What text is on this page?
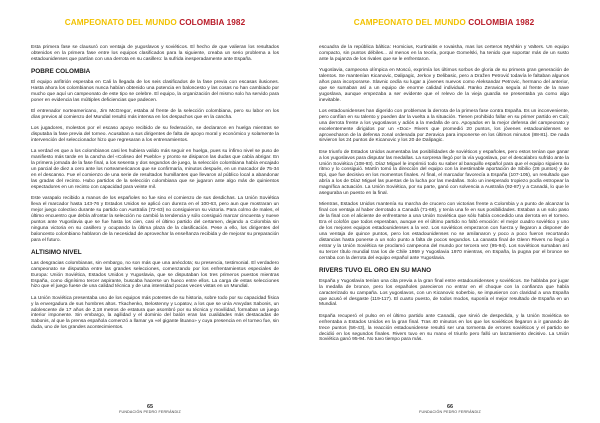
CAMPEONATO DEL MUNDO COLOMBIA 1982

Esta primera fase se clausuró con ventaja de yugoslavos y soviéticos. El hecho de que valieran los resultados obtenidos en la primera fase entre los equipos clasificados para la siguiente, creaba un serio problema a los estadounidenses que partían con una derrota en su casillero: la sufrida inesperadamente ante España.

POBRE COLOMBIA

El equipo anfitrión esperaba en Cali la llegada de los seis clasificados de la fase previa con escasas ilusiones. Hasta ahora los colombianos nunca habían obtenido una potencia en baloncesto y las cosas no han cambiado por mucho que aquí un campeonato de este tipo se celebre. El equipo, la organización del mismo solo ha servido para poner en evidencia las múltiples deficiencias que padecen.

El entrenador norteamericano, Jim McGregor, estaba al frente de la selección colombiana, pero su labor en los días previos al comienzo del Mundial resultó más intensa en los despachos que en la cancha.

Los jugadores, molestos por el escaso apoyo recibido de su federación, se declararon en huelga mientras se disputaba la fase previa del torneo. Acusaban a sus dirigentes de falta de apoyo moral y económico y solamente la intervención del seleccionador hizo que regresaran a los entrenamientos.

La verdad es que a los colombianos casi les hubiera valido más seguir en huelga, pues su ínfimo nivel se puso de manifiesto más tarde en la cancha del «Coliseo del Pueblo» y pronto se disiparon las dudas que cabía abrigar. En la primera jornada de la fase final, a los sesenta y dos segundos de juego, la selección colombiana había encajado un parcial de diez a cero ante los norteamericanos que se confirmaría, minutos después, en un marcador de 75-34 en el descanso. Fue el comienzo de una serie de resultados humillantes que llevaron al público local a abandonar las gradas del recinto. Hubo partidos de la selección colombiana que se jugaron ante algo más de quinientos espectadores en un recinto con capacidad para veinte mil.

Este varapalo recibido a manos de los españoles no fue sino el comienzo de sus desdichas. La Unión Soviética lleva el marcador hasta 143-76 y Estados Unidos se aplicó con dureza en el 100-63, pero aun que mostraran un mejor juego colectivo durante su partido con Australia (72-63) no consiguieron su victoria. Para colmo de males, el último encuentro que debía afrontar la selección no cambió la tendencia y sólo consiguió marcar cincuenta y nueve puntos ante Yugoslavia que se fue hasta los cien, casi el último partido del certamen, dejando a Colombia sin ninguna victoria en su casillero y ocupando la última plaza de la clasificación. Pese a ello, los dirigentes del baloncesto colombiano hablaron de la necesidad de aprovechar la enseñanza recibida y de mejorar su preparación para el futuro.

ALTISIMO NIVEL

Las desgracias colombianas, sin embargo, no son más que una anécdota; su presencia, testimonial. El verdadero campeonato se disputaba entre las grandes selecciones, comenzando por los enfrentamientos especiales de Europa: Unión Soviética, Estados Unidos y Yugoslavia, que se disputaban los tres primeros puestos mientras España, como dignísimo tercer aspirante, buscaba hacerse un hueco entre ellos. La carga de estas selecciones hizo que el juego fuese de una calidad técnica y de una intensidad pocas veces vistas en un Mundial.

La Unión Soviética presentaba uno de los equipos más potentes de su historia, sobre todo por su capacidad física y la envergadura de sus hombres altos. Tkachenko, Belostenny y Lopatov, a los que se unía Anvydas Sabonis, un adolescente de 17 años de 2,18 metros de estatura que asombró por su técnica y movilidad, formaban un juego interior imponente. Sin embargo, la agilidad y el dominio del balón eran las cualidades más destacadas de Sabonis, al que la prensa española comenzó a llamar ya «el gigante lituano» y cuya presencia en el torneo fue, sin duda, uno de los grandes acontecimientos.

65
FUNDACIÓN PEDRO FERRÁNDIZ
CAMPEONATO DEL MUNDO COLOMBIA 1982

escuadra de la república báltica: Homicius, Kurtinaitis e Iovaisha, mas los certeros Myshkin y Valters. Un equipo compacto, sin puntos débiles... al menos en la teoría, porque Gomelski, ha tenido que soportar más de un susto ante la pujanza de los rivales que se le enfrentaron.

Yugoslavia, campeona olímpica en Moscú, exprimía los últimos sorbos de gloria de su primera gran generación de talentos. Se mantenían Kicanovic, Dalipagic, Jerkov y Delibasic, pero a Dražen Petrović todavía le faltaban algunos años para incorporarse. Slavnic cedía su lugar a jóvenes nuevos como Aleksandar Petrovic, hermano del anterior, que se sumaban así a un equipo de enorme calidad individual. Ranko Zeravica seguía al frente de la nave yugoslava, aunque empezaba a ser evidente que el relevo de la vieja guardia se presentaba ya como algo inevitable.

Los estadounidenses han digerido con problemas la derrota de la primera fase contra España. Es un inconveniente, pero confían en su talento y pueden dar la vuelta a la situación. Tienen prohibido fallar en su primer partido en Cali; una derrota frente a los yugoslavos y adiós a la medalla de oro. Apoyados en la mejor defensa del campeonato y excelentemente dirigidos por un «Doc» Rivers que promedió 20 puntos, los jóvenes estadounidenses se aprovecharon de la defensa zonal ordenada por Zeravica para imponerse en los últimos minutos (88-81). De nada sirvieron los 24 puntos de Kicanovic y los 20 de Dalipagic.

Ese triunfo de Estados Unidos aumentaba las posibilidades de soviéticos y españoles, pero estos tenían que ganar a los yugoslavos para disputar las medallas. La sorpresa llegó por la vía yugoslava, por el descalabro sufrido ante la Unión Soviética (108-93). Díaz Miguel le imprimió todo su saber al banquillo español para que el equipo siguiera su ritmo y lo consiguió. Martín tomó la dirección del equipo con la inestimable aportación de Sibilio (26 puntos) y de Epi, que fue decisivo en los momentos finales. Al final, el marcador favorecía a España (107-105), un resultado que abría a los de Díaz Miguel las puertas de la lucha por las medallas. Solo un inesperado tropiezo podía estropear la magnífica actuación. La Unión Soviética, por su parte, ganó con solvencia a Australia (92-87) y a Canadá, lo que le aseguraba un puesto en la final.

Mientras, Estados Unidos mantenía su marcha de crucero con victorias frente a Colombia y a punto de alcanzar la final con ventaja al haber derrotado a Canadá (71-69), y tenía una fe en sus posibilidades. Estaban a un solo paso de la final con el aliciente de enfrentarse a una Unión Soviética que sólo había concedido una derrota en el torneo. Era el colofón que todos esperaban, aunque en el último partido no faltó emoción: el mejor cuadro soviético y uno de los mejores equipos estadounidenses a la vez. Los soviéticos empezaron con fuerza y llegaron a disponer de una ventaja de quince puntos, pero los estadounidenses no se amilanaron y poco a poco fueron recortando distancias hasta ponerse a un solo punto a falta de pocos segundos. La canasta final de Glenn Rivers no llegó a entrar y la Unión Soviética se proclamó campeona del mundo por tercera vez (95-94). Los soviéticos sumaban así su tercer título mundial tras los de Chile 1959 y Yugoslavia 1970 mientras, en España, la pugna por el bronce se cerraba con la derrota del equipo español ante Yugoslavia.

RIVERS TUVO EL ORO EN SU MANO

España y Yugoslavia tenían una cita previa a la gran final entre estadounidenses y soviéticos. Se hablaba por jugar la medalla de bronce, pero los españoles parecieron no entrar en el choque con la confianza que había caracterizado su campaña. Los yugoslavos, con un Kicanovic soberbio, se impusieron con claridad a una España que acusó el desgaste (119-117). El cuarto puesto, de todos modos, suponía el mejor resultado de España en un Mundial.

España recuperó el pulso en el último partido ante Canadá, que sirvió de despedida, y la Unión Soviética se enfrentaba a Estados Unidos en la gran final. Tras 40 minutos en los que los soviéticos llegaron a ir ganando de trece puntos (56-43), la reacción estadounidense resultó ser una tormenta de errores soviéticos y el partido se decidió en los segundos finales. Rivers tuvo en su mano el triunfo pero falló un lanzamiento decisivo. La Unión Soviética ganó 95-94. No tuvo tiempo para más.

66
FUNDACIÓN PEDRO FERRÁNDIZ
